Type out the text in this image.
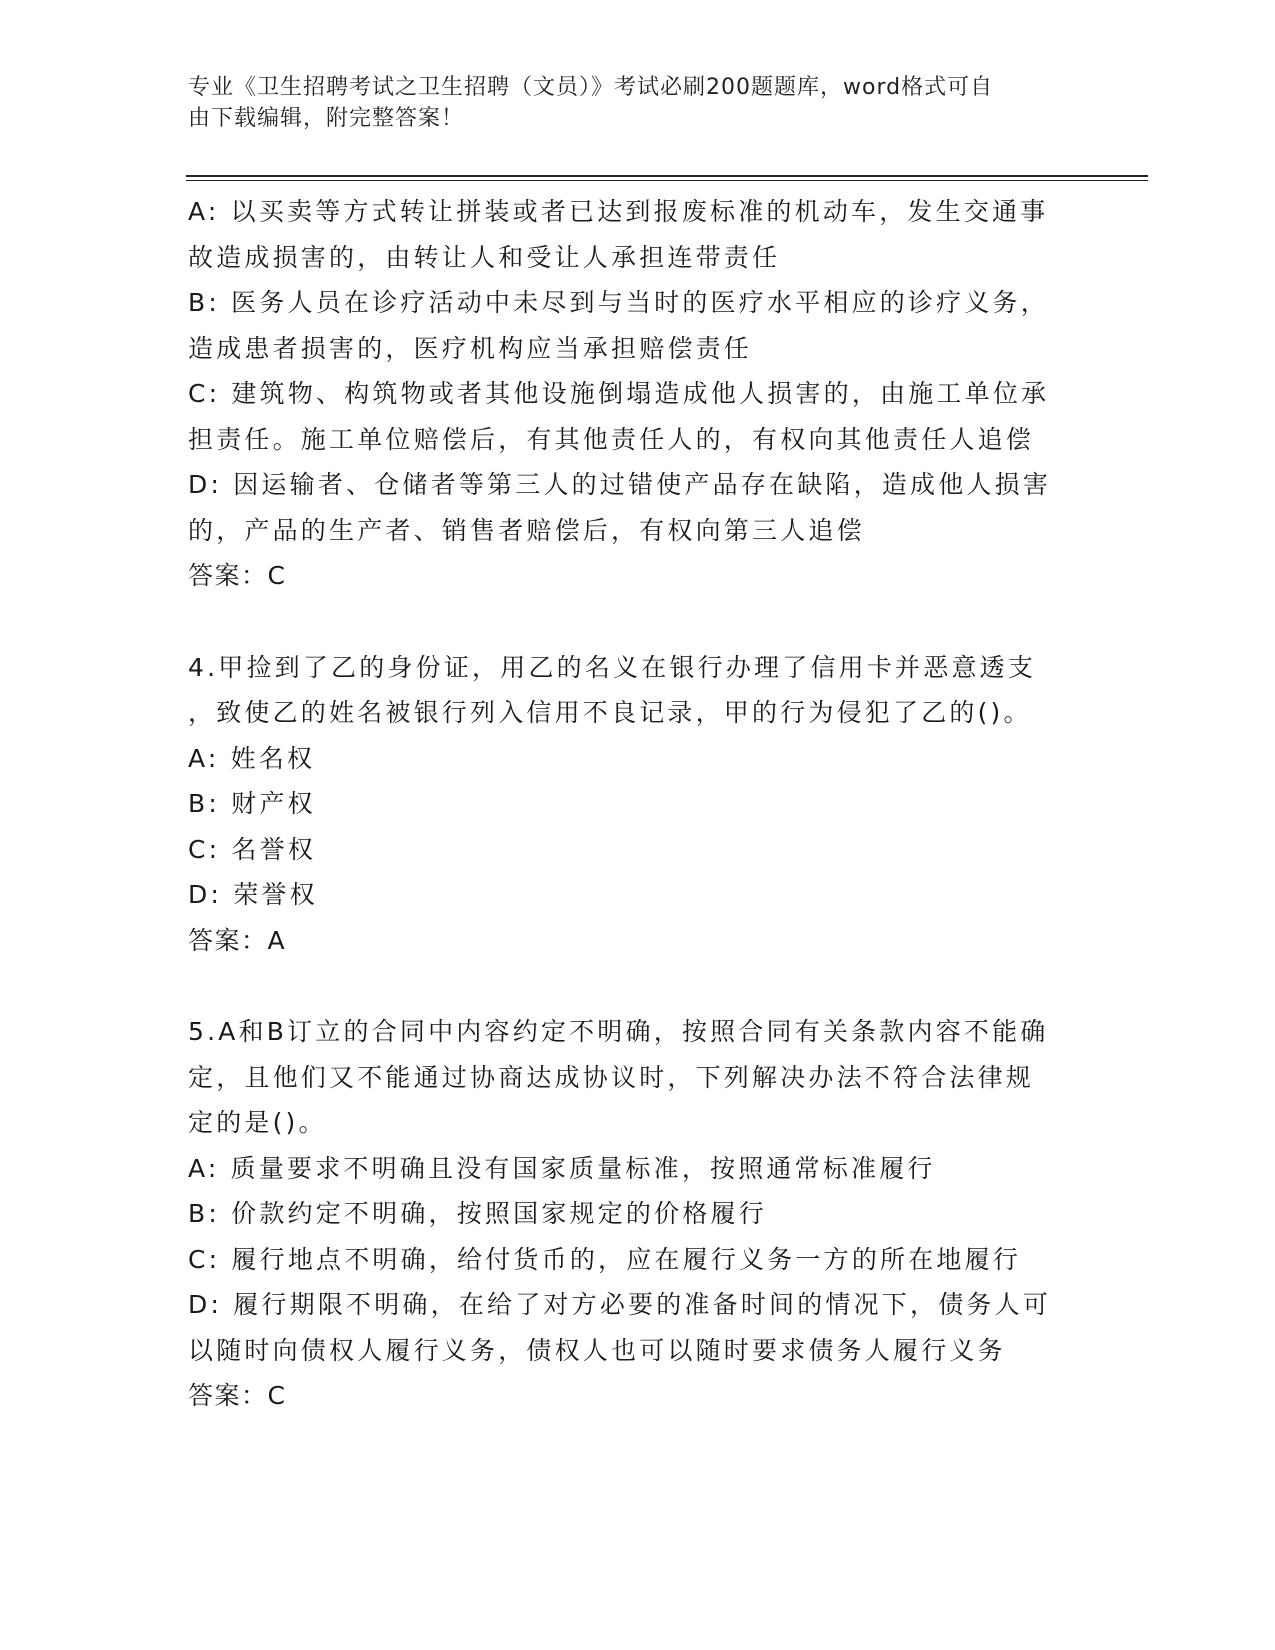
专业《卫生招聘考试之卫生招聘（文员）》考试必刷200题题库，word格式可自
由下载编辑，附完整答案！
A: 以买卖等方式转让拼装或者已达到报废标准的机动车，发生交通事
故造成损害的，由转让人和受让人承担连带责任
B: 医务人员在诊疗活动中未尽到与当时的医疗水平相应的诊疗义务，
造成患者损害的，医疗机构应当承担赔偿责任
C: 建筑物、构筑物或者其他设施倒塌造成他人损害的，由施工单位承
担责任。施工单位赔偿后，有其他责任人的，有权向其他责任人追偿
D: 因运输者、仓储者等第三人的过错使产品存在缺陷，造成他人损害
的，产品的生产者、销售者赔偿后，有权向第三人追偿
答案：C
4.甲捡到了乙的身份证，用乙的名义在银行办理了信用卡并恶意透支
，致使乙的姓名被银行列入信用不良记录，甲的行为侵犯了乙的()。
A: 姓名权
B: 财产权
C: 名誉权
D: 荣誉权
答案：A
5.A和B订立的合同中内容约定不明确，按照合同有关条款内容不能确
定，且他们又不能通过协商达成协议时，下列解决办法不符合法律规
定的是()。
A: 质量要求不明确且没有国家质量标准，按照通常标准履行
B: 价款约定不明确，按照国家规定的价格履行
C: 履行地点不明确，给付货币的，应在履行义务一方的所在地履行
D: 履行期限不明确，在给了对方必要的准备时间的情况下，债务人可
以随时向债权人履行义务，债权人也可以随时要求债务人履行义务
答案：C
